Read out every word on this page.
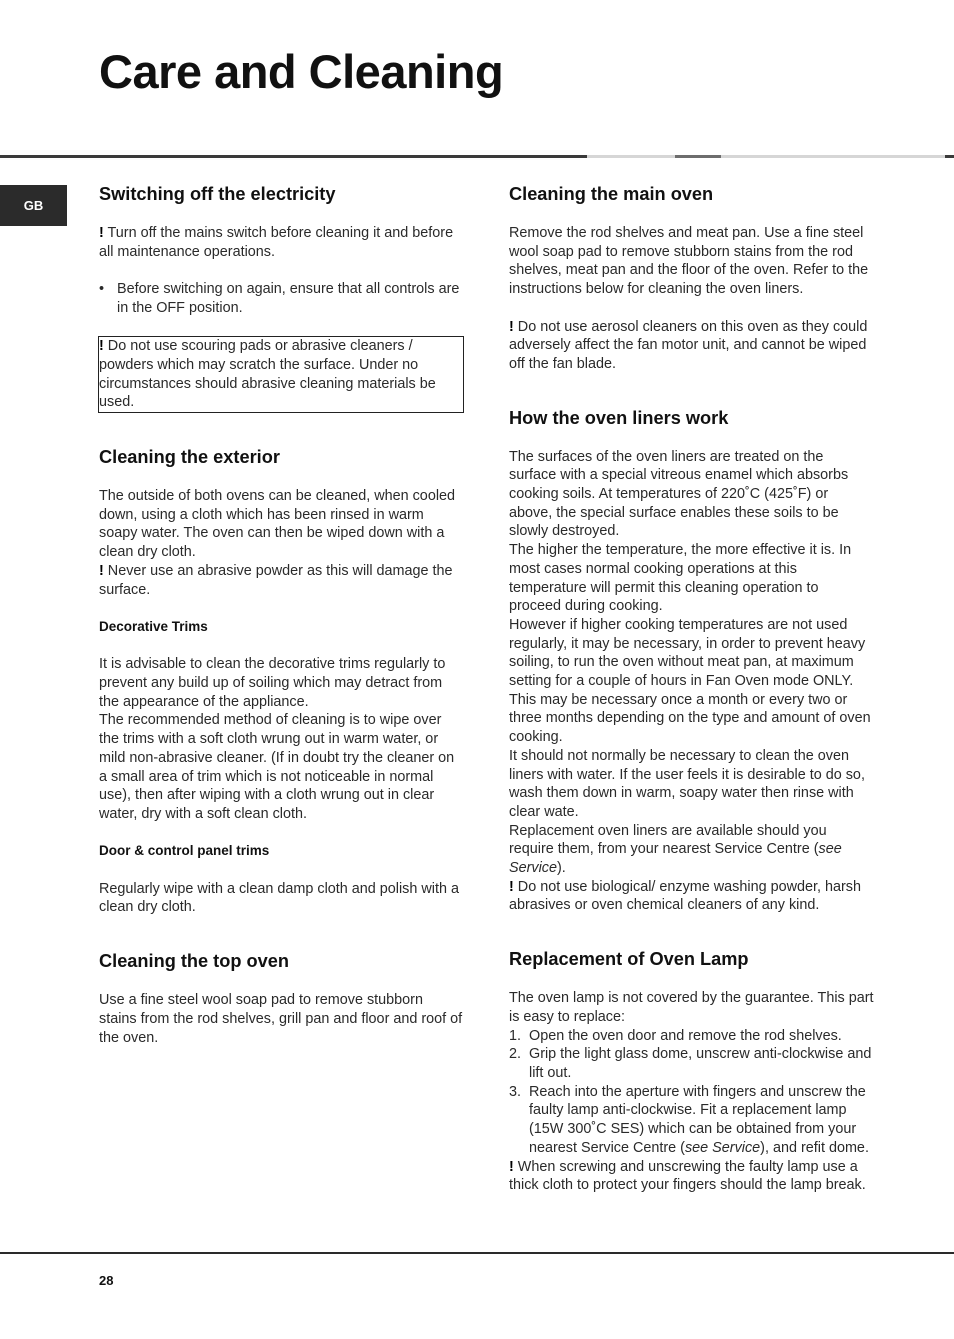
Care and Cleaning
GB
Switching off the electricity

! Turn off the mains switch before cleaning it and before all maintenance operations.

• Before switching on again, ensure that all controls are in the OFF position.
! Do not use scouring pads or abrasive cleaners / powders which may scratch the surface. Under no circumstances should abrasive cleaning materials be used.
Cleaning the exterior

The outside of both ovens can be cleaned, when cooled down, using a cloth which has been rinsed in warm soapy water. The oven can then be wiped down with a clean dry cloth.

! Never use an abrasive powder as this will damage the surface.

Decorative Trims

It is advisable to clean the decorative trims regularly to prevent any build up of soiling which may detract from the appearance of the appliance.

The recommended method of cleaning is to wipe over the trims with a soft cloth wrung out in warm water, or mild non-abrasive cleaner. (If in doubt try the cleaner on a small area of trim which is not noticeable in normal use), then after wiping with a cloth wrung out in clear water, dry with a soft clean cloth.

Door & control panel trims

Regularly wipe with a clean damp cloth and polish with a clean dry cloth.

Cleaning the top oven

Use a fine steel wool soap pad to remove stubborn stains from the rod shelves, grill pan and floor and roof of the oven.

Cleaning the main oven

Remove the rod shelves and meat pan. Use a fine steel wool soap pad to remove stubborn stains from the rod shelves, meat pan and the floor of the oven. Refer to the instructions below for cleaning the oven liners.

! Do not use aerosol cleaners on this oven as they could adversely affect the fan motor unit, and cannot be wiped off the fan blade.

How the oven liners work

The surfaces of the oven liners are treated on the surface with a special vitreous enamel which absorbs cooking soils. At temperatures of 220˚C (425˚F) or above, the special surface enables these soils to be slowly destroyed.

The higher the temperature, the more effective it is. In most cases normal cooking operations at this temperature will permit this cleaning operation to proceed during cooking.

However if higher cooking temperatures are not used regularly, it may be necessary, in order to prevent heavy soiling, to run the oven without meat pan, at maximum setting for a couple of hours in Fan Oven mode ONLY. This may be necessary once a month or every two or three months depending on the type and amount of oven cooking.

It should not normally be necessary to clean the oven liners with water. If the user feels it is desirable to do so, wash them down in warm, soapy water then rinse with clear wate.

Replacement oven liners are available should you require them, from your nearest Service Centre (see Service).

! Do not use biological/ enzyme washing powder, harsh abrasives or oven chemical cleaners of any kind.

Replacement of Oven Lamp

The oven lamp is not covered by the guarantee. This part is easy to replace:

1. Open the oven door and remove the rod shelves.
2. Grip the light glass dome, unscrew anti-clockwise and lift out.
3. Reach into the aperture with fingers and unscrew the faulty lamp anti-clockwise. Fit a replacement lamp (15W 300˚C SES) which can be obtained from your nearest Service Centre (see Service), and refit dome.

! When screwing and unscrewing the faulty lamp use a thick cloth to protect your fingers should the lamp break.

28
